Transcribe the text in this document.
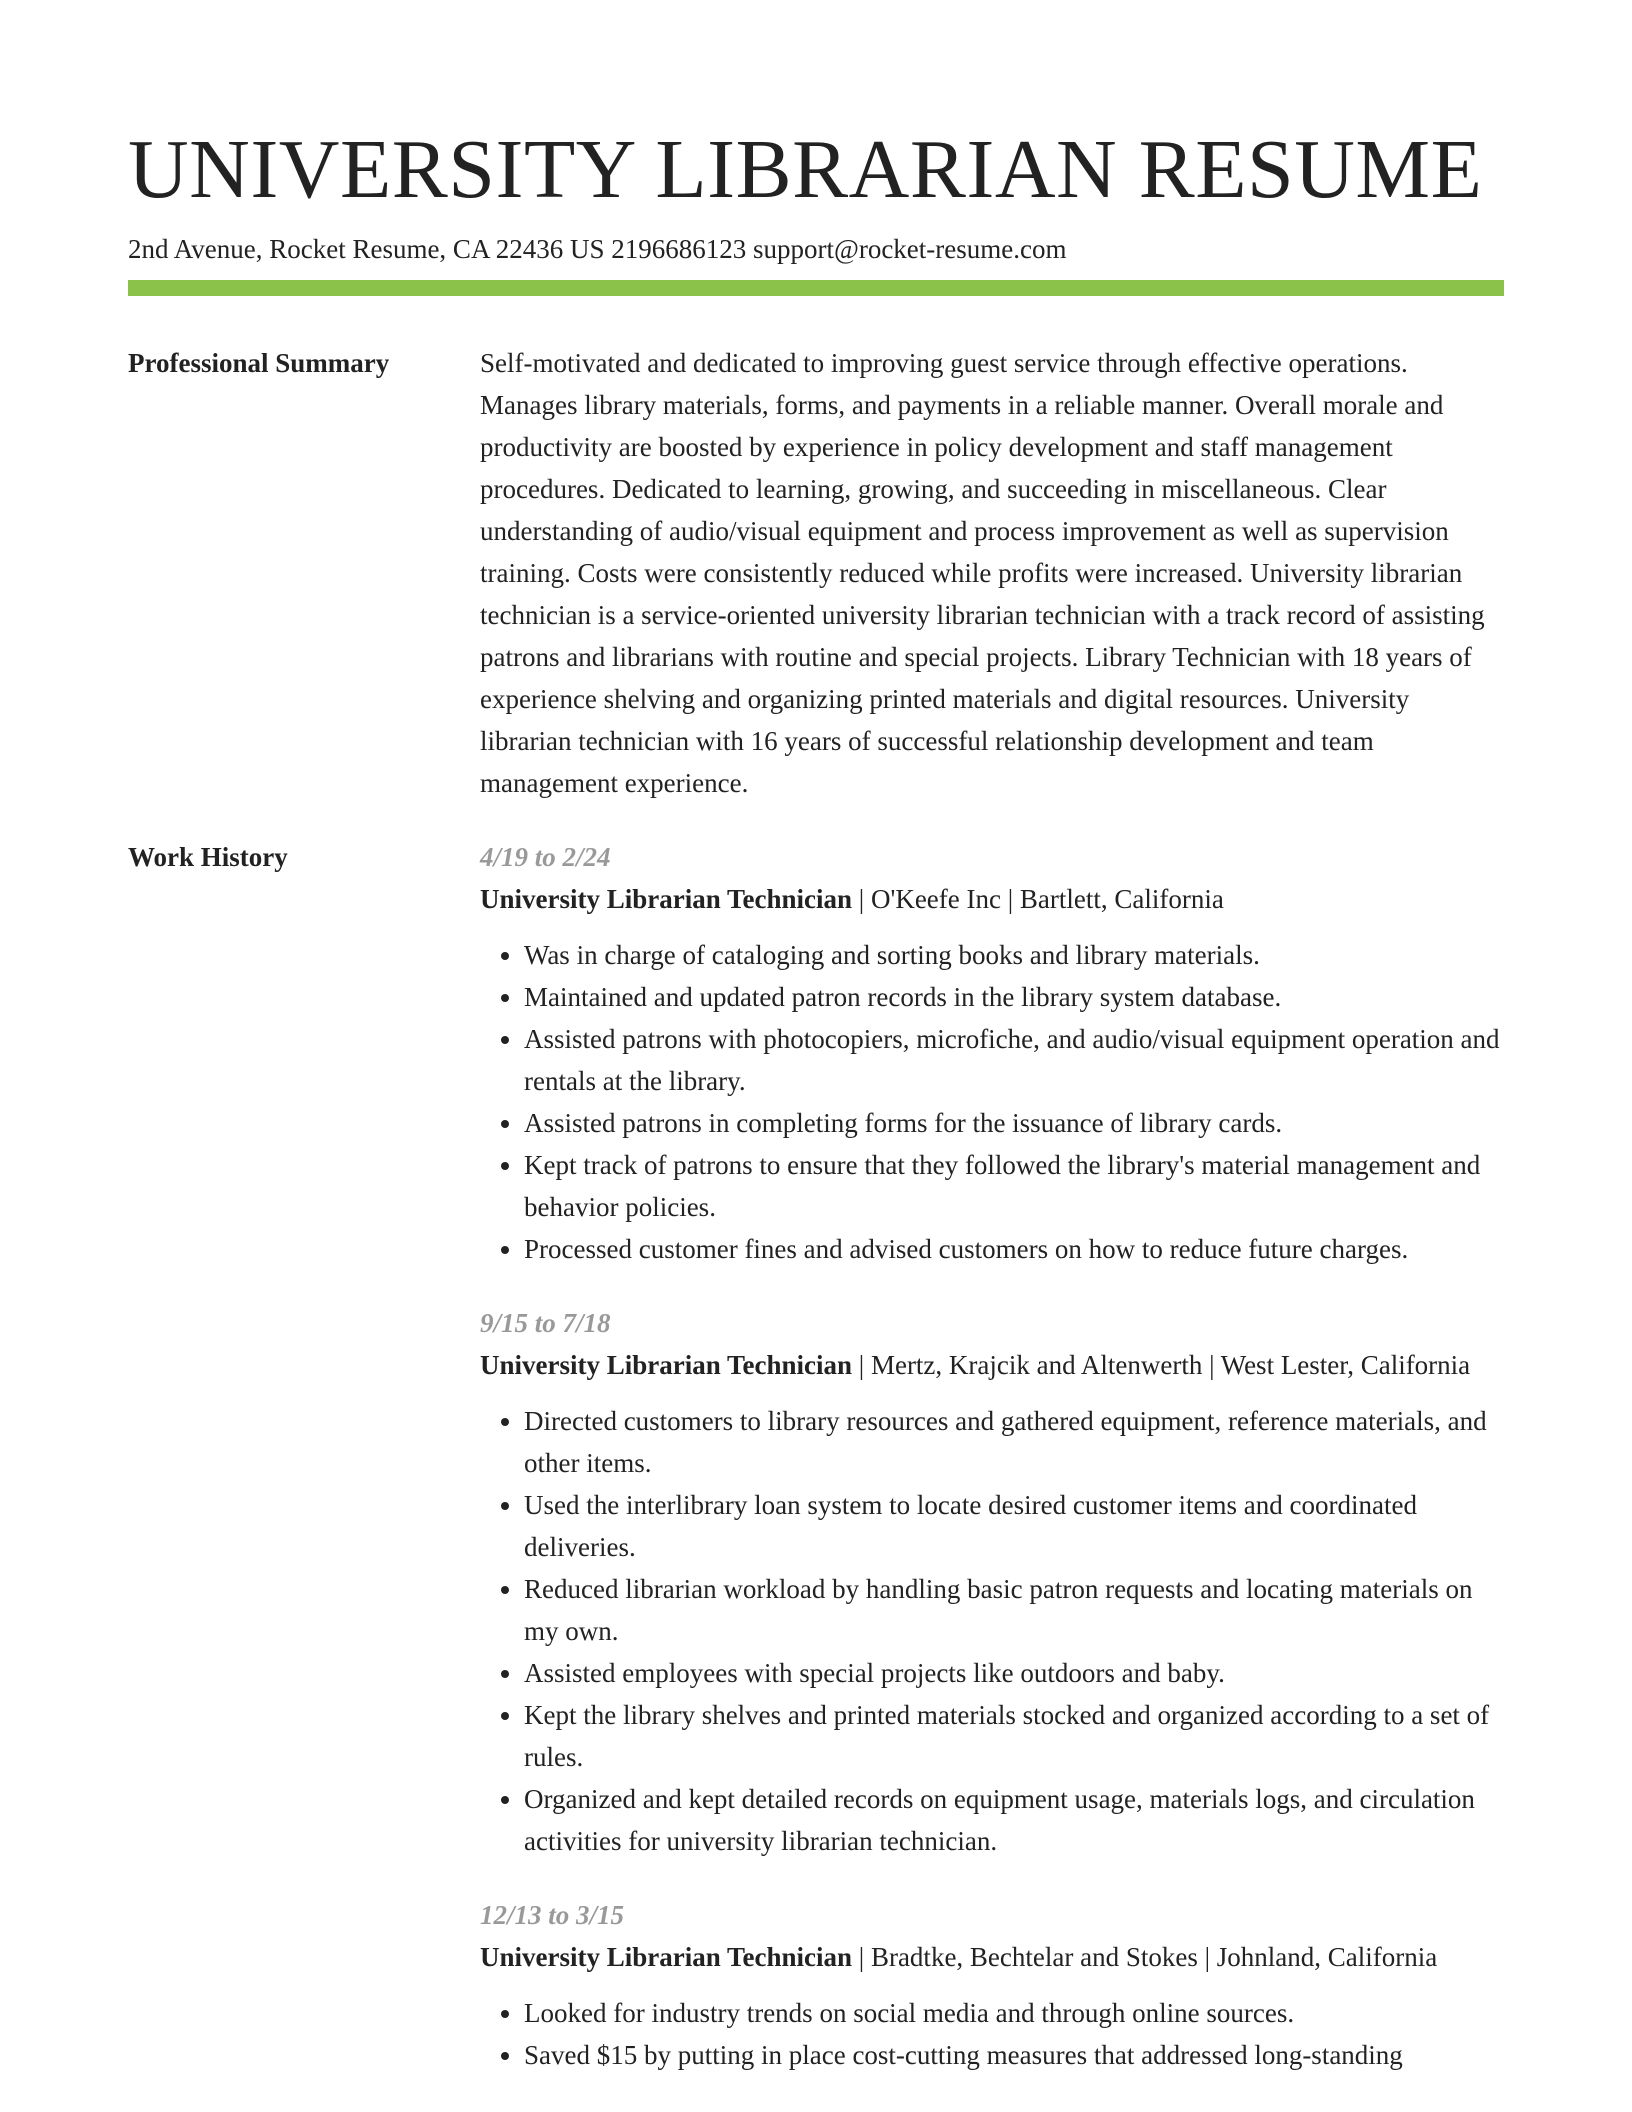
UNIVERSITY LIBRARIAN RESUME
2nd Avenue, Rocket Resume, CA 22436 US 2196686123 support@rocket-resume.com
Professional Summary	Self-motivated and dedicated to improving guest service through effective operations. Manages library materials, forms, and payments in a reliable manner. Overall morale and productivity are boosted by experience in policy development and staff management procedures. Dedicated to learning, growing, and succeeding in miscellaneous. Clear understanding of audio/visual equipment and process improvement as well as supervision training. Costs were consistently reduced while profits were increased. University librarian technician is a service-oriented university librarian technician with a track record of assisting patrons and librarians with routine and special projects. Library Technician with 18 years of experience shelving and organizing printed materials and digital resources. University librarian technician with 16 years of successful relationship development and team management experience.

Work History	4/19 to 2/24
University Librarian Technician | O'Keefe Inc | Bartlett, California
• Was in charge of cataloging and sorting books and library materials.
• Maintained and updated patron records in the library system database.
• Assisted patrons with photocopiers, microfiche, and audio/visual equipment operation and rentals at the library.
• Assisted patrons in completing forms for the issuance of library cards.
• Kept track of patrons to ensure that they followed the library's material management and behavior policies.
• Processed customer fines and advised customers on how to reduce future charges.
9/15 to 7/18
University Librarian Technician | Mertz, Krajcik and Altenwerth | West Lester, California
• Directed customers to library resources and gathered equipment, reference materials, and other items.
• Used the interlibrary loan system to locate desired customer items and coordinated deliveries.
• Reduced librarian workload by handling basic patron requests and locating materials on my own.
• Assisted employees with special projects like outdoors and baby.
• Kept the library shelves and printed materials stocked and organized according to a set of rules.
• Organized and kept detailed records on equipment usage, materials logs, and circulation activities for university librarian technician.
12/13 to 3/15
University Librarian Technician | Bradtke, Bechtelar and Stokes | Johnland, California
• Looked for industry trends on social media and through online sources.
• Saved $15 by putting in place cost-cutting measures that addressed long-standing
